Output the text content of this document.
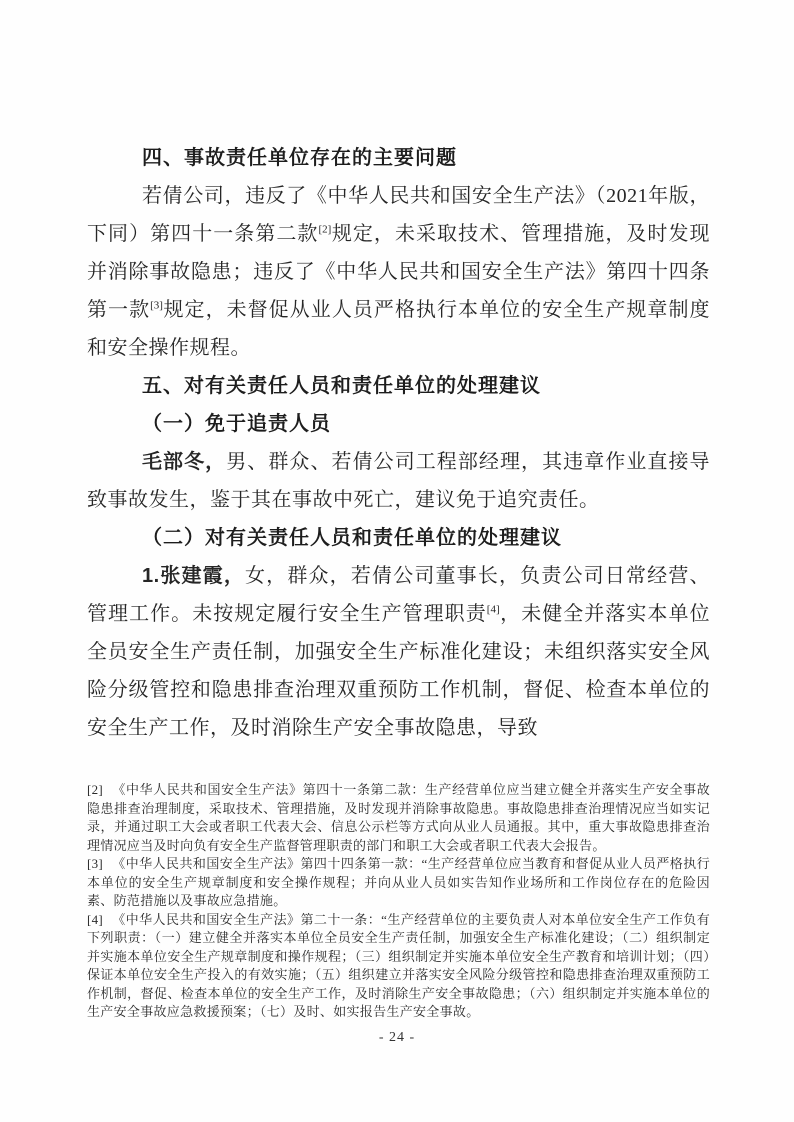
四、事故责任单位存在的主要问题

若倩公司，违反了《中华人民共和国安全生产法》（2021年版，下同）第四十一条第二款[2]规定，未采取技术、管理措施，及时发现并消除事故隐患；违反了《中华人民共和国安全生产法》第四十四条第一款[3]规定，未督促从业人员严格执行本单位的安全生产规章制度和安全操作规程。

五、对有关责任人员和责任单位的处理建议

（一）免于追责人员

毛部冬，男、群众、若倩公司工程部经理，其违章作业直接导致事故发生，鉴于其在事故中死亡，建议免于追究责任。

（二）对有关责任人员和责任单位的处理建议

1.张建霞，女，群众，若倩公司董事长，负责公司日常经营、管理工作。未按规定履行安全生产管理职责[4]，未健全并落实本单位全员安全生产责任制，加强安全生产标准化建设；未组织落实安全风险分级管控和隐患排查治理双重预防工作机制，督促、检查本单位的安全生产工作，及时消除生产安全事故隐患，导致

[2] 《中华人民共和国安全生产法》第四十一条第二款：生产经营单位应当建立健全并落实生产安全事故隐患排查治理制度，采取技术、管理措施，及时发现并消除事故隐患。事故隐患排查治理情况应当如实记录，并通过职工大会或者职工代表大会、信息公示栏等方式向从业人员通报。其中，重大事故隐患排查治理情况应当及时向负有安全生产监督管理职责的部门和职工大会或者职工代表大会报告。

[3] 《中华人民共和国安全生产法》第四十四条第一款：“生产经营单位应当教育和督促从业人员严格执行本单位的安全生产规章制度和安全操作规程；并向从业人员如实告知作业场所和工作岗位存在的危险因素、防范措施以及事故应急措施。

[4] 《中华人民共和国安全生产法》第二十一条：“生产经营单位的主要负责人对本单位安全生产工作负有下列职责：（一）建立健全并落实本单位全员安全生产责任制，加强安全生产标准化建设；（二）组织制定并实施本单位安全生产规章制度和操作规程；（三）组织制定并实施本单位安全生产教育和培训计划；（四）保证本单位安全生产投入的有效实施；（五）组织建立并落实安全风险分级管控和隐患排查治理双重预防工作机制，督促、检查本单位的安全生产工作，及时消除生产安全事故隐患；（六）组织制定并实施本单位的生产安全事故应急救援预案；（七）及时、如实报告生产安全事故。

- 24 -
